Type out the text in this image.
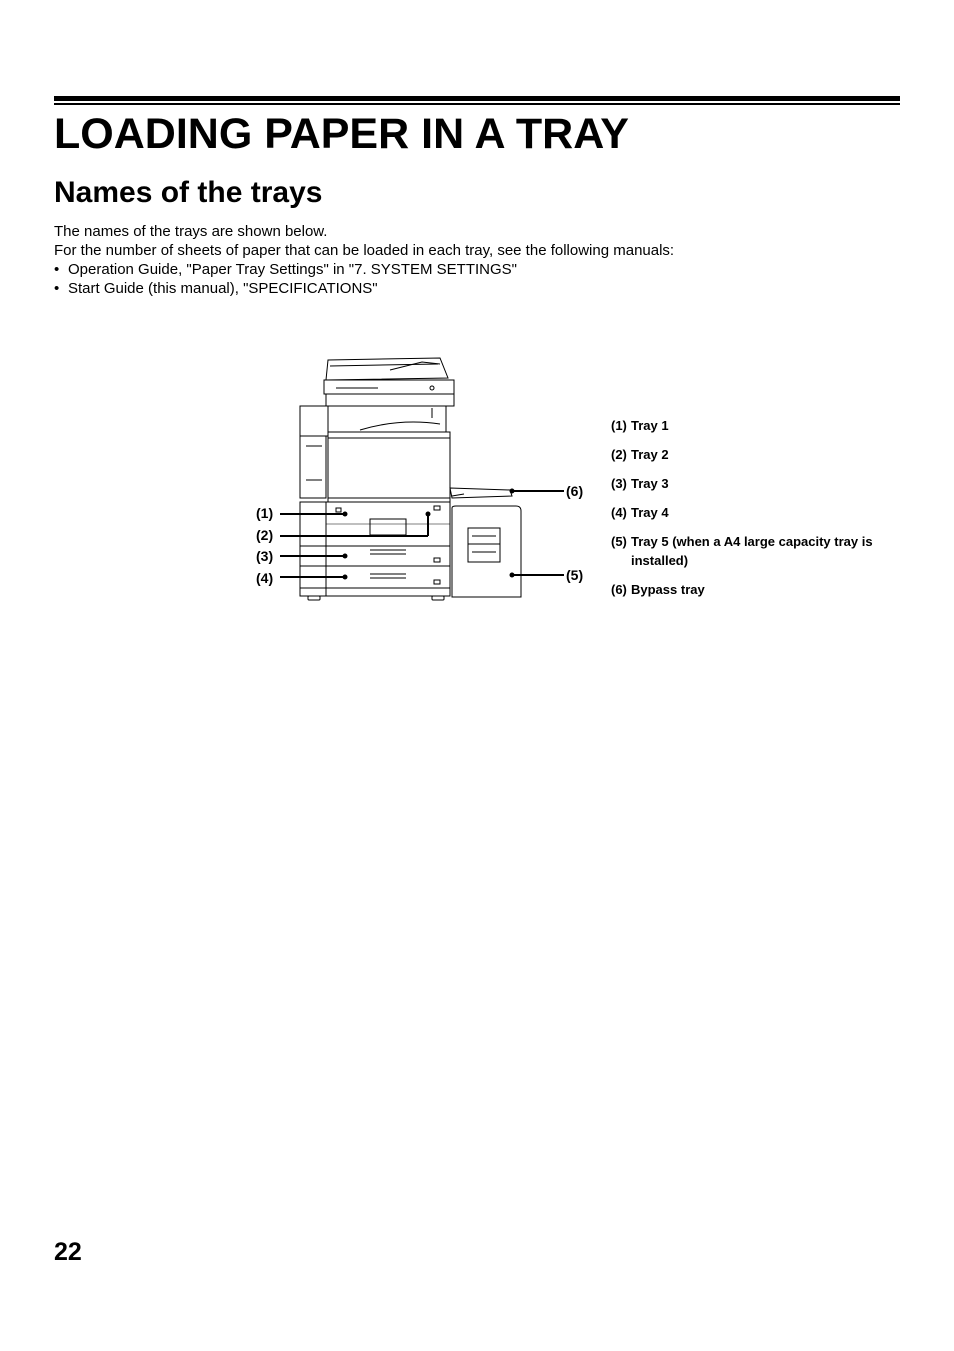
LOADING PAPER IN A TRAY
Names of the trays

The names of the trays are shown below.

For the number of sheets of paper that can be loaded in each tray, see the following manuals:

• Operation Guide, "Paper Tray Settings" in "7. SYSTEM SETTINGS"
• Start Guide (this manual), "SPECIFICATIONS"
(1)
(2)
(3)
(4)	(5)
(6)
(1) Tray 1
(2) Tray 2
(3) Tray 3
(4) Tray 4
(5) Tray 5 (when a A4 large capacity tray is installed)
(6) Bypass tray
22
